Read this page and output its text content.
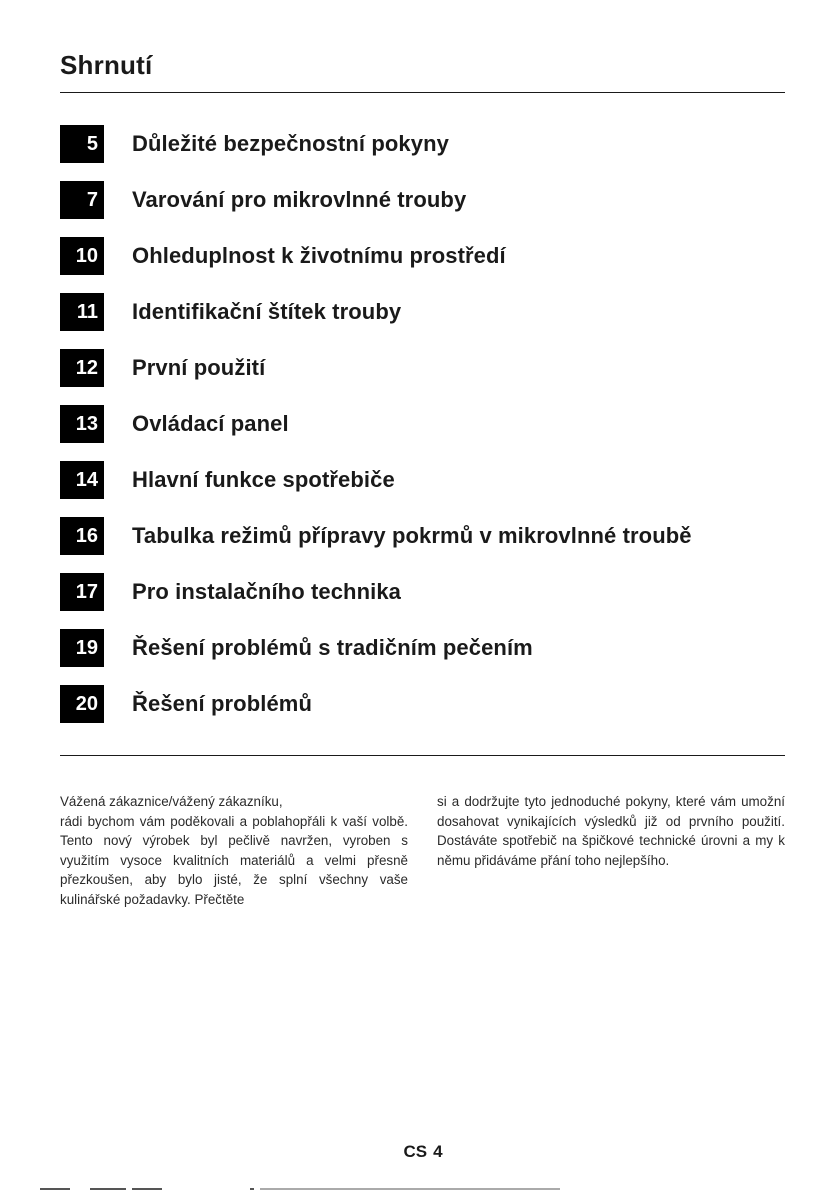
Shrnutí
5 Důležité bezpečnostní pokyny
7 Varování pro mikrovlnné trouby
10 Ohleduplnost k životnímu prostředí
11 Identifikační štítek trouby
12 První použití
13 Ovládací panel
14 Hlavní funkce spotřebiče
16 Tabulka režimů přípravy pokrmů v mikrovlnné troubě
17 Pro instalačního technika
19 Řešení problémů s tradičním pečením
20 Řešení problémů
Vážená zákaznice/vážený zákazníku,
rádi bychom vám poděkovali a poblahopřáli k vaší volbě. Tento nový výrobek byl pečlivě navržen, vyroben s využitím vysoce kvalitních materiálů a velmi přesně přezkoušen, aby bylo jisté, že splní všechny vaše kulinářské požadavky. Přečtěte
si a dodržujte tyto jednoduché pokyny, které vám umožní dosahovat vynikajících výsledků již od prvního použití. Dostáváte spotřebič na špičkové technické úrovni a my k němu přidáváme přání toho nejlepšího.
CS 4
